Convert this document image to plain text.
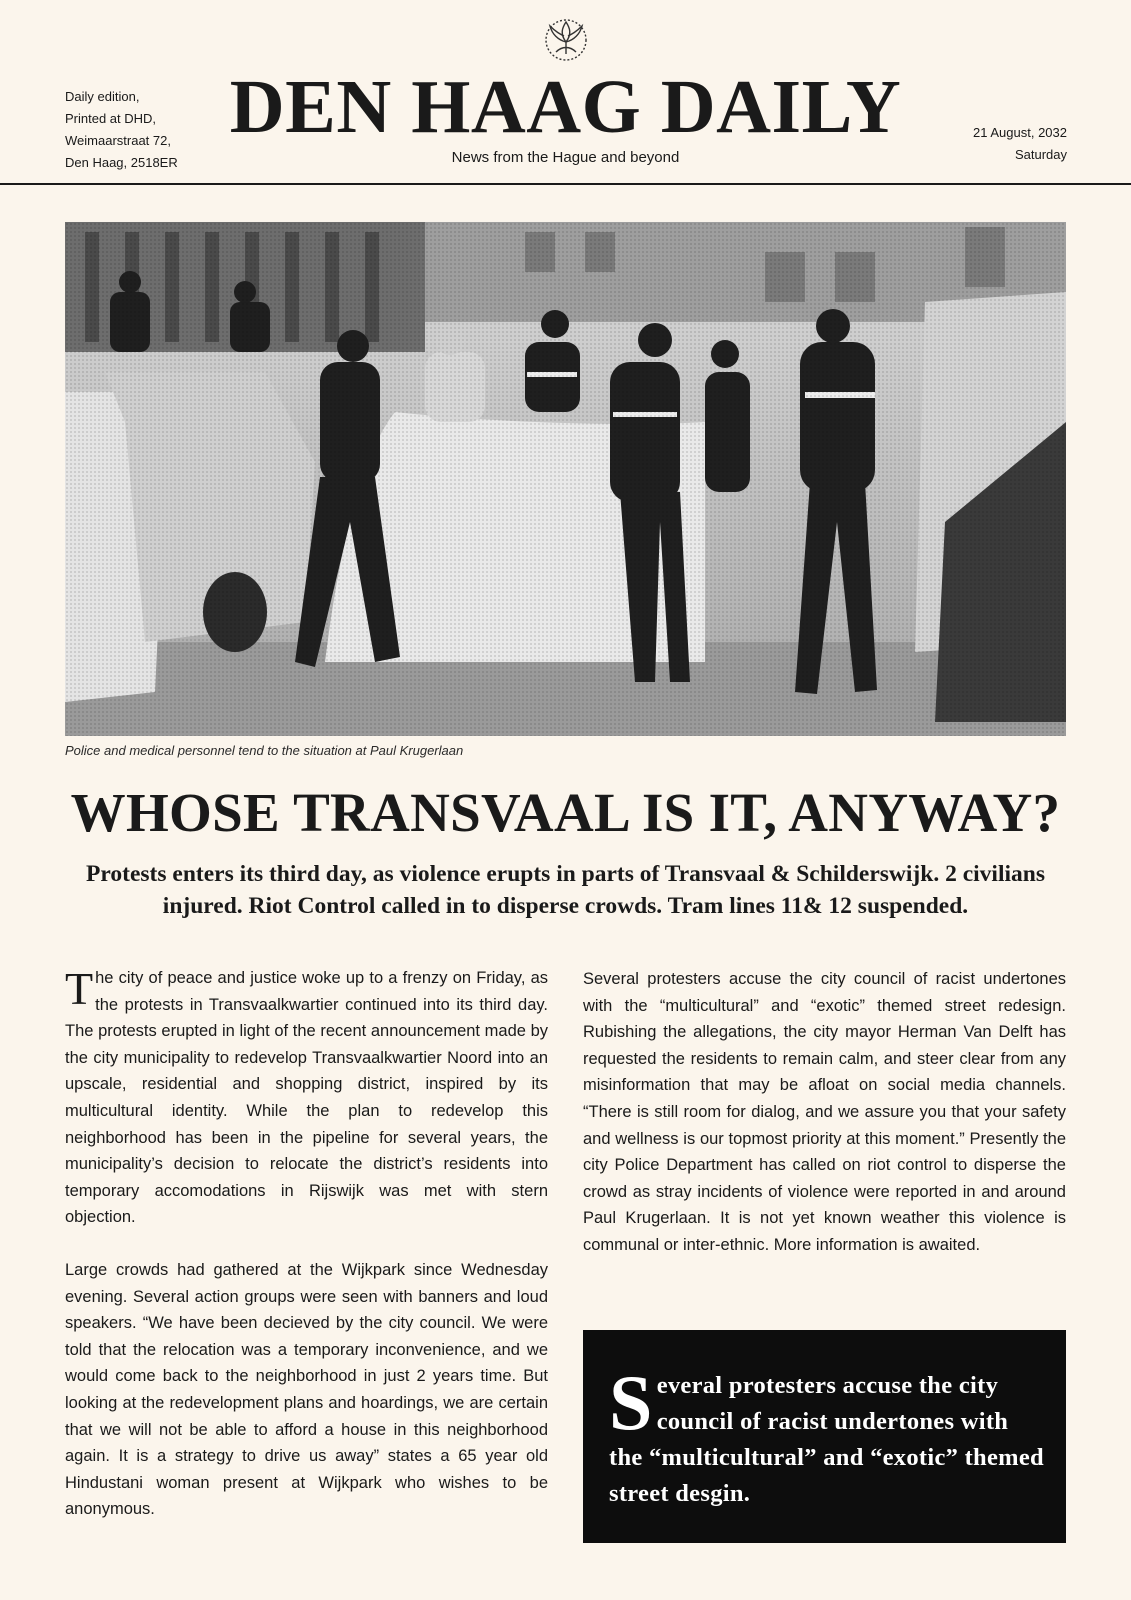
Daily edition,
Printed at DHD,
Weimaarstraat 72,
Den Haag, 2518ER
DEN HAAG DAILY
News from the Hague and beyond
21 August, 2032
Saturday
Police and medical personnel tend to the situation at Paul Krugerlaan
WHOSE TRANSVAAL IS IT, ANYWAY?
Protests enters its third day, as violence erupts in parts of Transvaal & Schilderswijk. 2 civilians injured. Riot Control called in to disperse crowds. Tram lines 11& 12 suspended.

The city of peace and justice woke up to a frenzy on Friday, as the protests in Transvaalkwartier continued into its third day. The protests erupted in light of the recent announcement made by the city municipality to redevelop Transvaalkwartier Noord into an upscale, residential and shopping district, inspired by its multicultural identity. While the plan to redevelop this neighborhood has been in the pipeline for several years, the municipality’s decision to relocate the district’s residents into temporary accomodations in Rijswijk was met with stern objection.

Large crowds had gathered at the Wijkpark since Wednesday evening. Several action groups were seen with banners and loud speakers. “We have been decieved by the city council. We were told that the relocation was a temporary inconvenience, and we would come back to the neighborhood in just 2 years time. But looking at the redevelopment plans and hoardings, we are certain that we will not be able to afford a house in this neighborhood again. It is a strategy to drive us away” states a 65 year old Hindustani woman present at Wijkpark who wishes to be anonymous.

Several protesters accuse the city council of racist undertones with the “multicultural” and “exotic” themed street redesign. Rubishing the allegations, the city mayor Herman Van Delft has requested the residents to remain calm, and steer clear from any misinformation that may be afloat on social media channels. “There is still room for dialog, and we assure you that your safety and wellness is our topmost priority at this moment.” Presently the city Police Department has called on riot control to disperse the crowd as stray incidents of violence were reported in and around Paul Krugerlaan. It is not yet known weather this violence is communal or inter-ethnic. More information is awaited.

Several protesters accuse the city council of racist undertones with the “multicultural” and “exotic” themed street desgin.
